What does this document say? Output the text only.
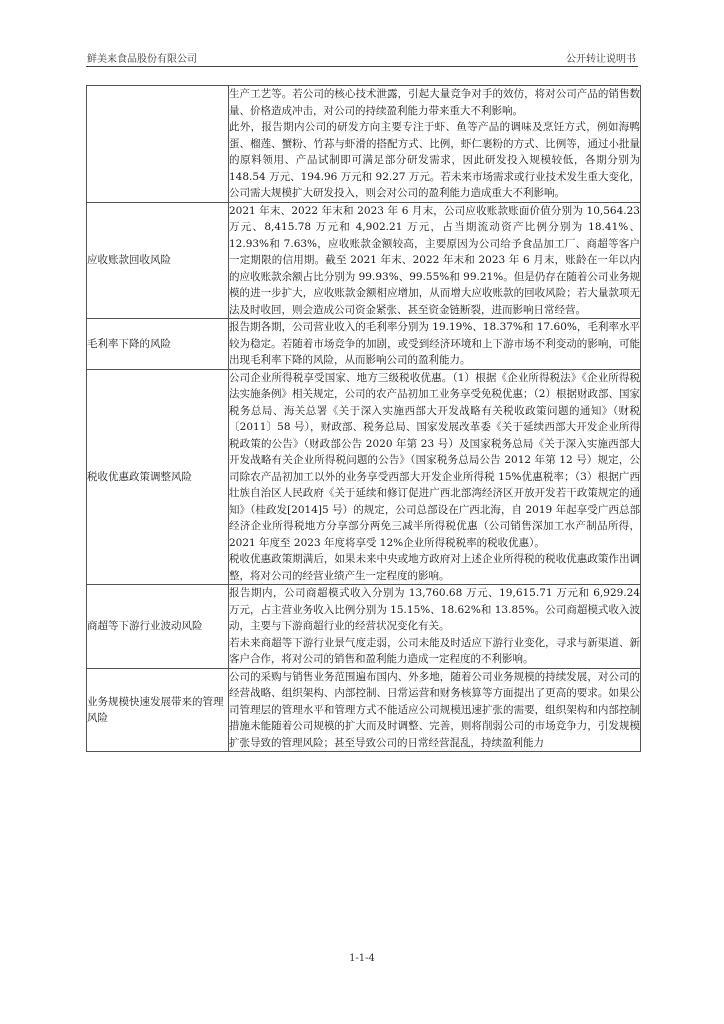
鲜美来食品股份有限公司	公开转让说明书

	生产工艺等。若公司的核心技术泄露，引起大量竞争对手的效仿，将对公司产品的销售数量、价格造成冲击，对公司的持续盈利能力带来重大不利影响。

此外，报告期内公司的研发方向主要专注于虾、鱼等产品的调味及烹饪方式，例如海鸭蛋、榴莲、蟹粉、竹荪与虾滑的搭配方式、比例，虾仁裹粉的方式、比例等，通过小批量的原料领用、产品试制即可满足部分研发需求，因此研发投入规模较低，各期分别为 148.54 万元、194.96 万元和 92.27 万元。若未来市场需求或行业技术发生重大变化，公司需大规模扩大研发投入，则会对公司的盈利能力造成重大不利影响。

应收账款回收风险	2021 年末、2022 年末和 2023 年 6 月末，公司应收账款账面价值分别为 10,564.23 万元、8,415.78 万元和 4,902.21 万元，占当期流动资产比例分别为 18.41%、12.93%和 7.63%，应收账款金额较高，主要原因为公司给予食品加工厂、商超等客户一定期限的信用期。截至 2021 年末、2022 年末和 2023 年 6 月末，账龄在一年以内的应收账款余额占比分别为 99.93%、99.55%和 99.21%。但是仍存在随着公司业务规模的进一步扩大，应收账款金额相应增加，从而增大应收账款的回收风险；若大量款项无法及时收回，则会造成公司资金紧张、甚至资金链断裂，进而影响日常经营。

毛利率下降的风险	报告期各期，公司营业收入的毛利率分别为 19.19%、18.37%和 17.60%，毛利率水平较为稳定。若随着市场竞争的加剧，或受到经济环境和上下游市场不利变动的影响，可能出现毛利率下降的风险，从而影响公司的盈利能力。

税收优惠政策调整风险	公司企业所得税享受国家、地方三级税收优惠。（1）根据《企业所得税法》《企业所得税法实施条例》相关规定，公司的农产品初加工业务享受免税优惠；（2）根据财政部、国家税务总局、海关总署《关于深入实施西部大开发战略有关税收政策问题的通知》（财税〔2011〕58 号），财政部、税务总局、国家发展改革委《关于延续西部大开发企业所得税政策的公告》（财政部公告 2020 年第 23 号）及国家税务总局《关于深入实施西部大开发战略有关企业所得税问题的公告》（国家税务总局公告 2012 年第 12 号）规定，公司除农产品初加工以外的业务享受西部大开发企业所得税 15%优惠税率；（3）根据广西壮族自治区人民政府《关于延续和修订促进广西北部湾经济区开放开发若干政策规定的通知》（桂政发[2014]5 号）的规定，公司总部设在广西北海，自 2019 年起享受广西总部经济企业所得税地方分享部分两免三减半所得税优惠（公司销售深加工水产制品所得，2021 年度至 2023 年度将享受 12%企业所得税税率的税收优惠）。

税收优惠政策期满后，如果未来中央或地方政府对上述企业所得税的税收优惠政策作出调整，将对公司的经营业绩产生一定程度的影响。

商超等下游行业波动风险	报告期内，公司商超模式收入分别为 13,760.68 万元、19,615.71 万元和 6,929.24 万元，占主营业务收入比例分别为 15.15%、18.62%和 13.85%。公司商超模式收入波动，主要与下游商超行业的经营状况变化有关。

若未来商超等下游行业景气度走弱，公司未能及时适应下游行业变化，寻求与新渠道、新客户合作，将对公司的销售和盈利能力造成一定程度的不利影响。

业务规模快速发展带来的管理风险	公司的采购与销售业务范围遍布国内、外多地，随着公司业务规模的持续发展，对公司的经营战略、组织架构、内部控制、日常运营和财务核算等方面提出了更高的要求。如果公司管理层的管理水平和管理方式不能适应公司规模迅速扩张的需要，组织架构和内部控制措施未能随着公司规模的扩大而及时调整、完善，则将削弱公司的市场竞争力，引发规模扩张导致的管理风险；甚至导致公司的日常经营混乱，持续盈利能力

1-1-4
